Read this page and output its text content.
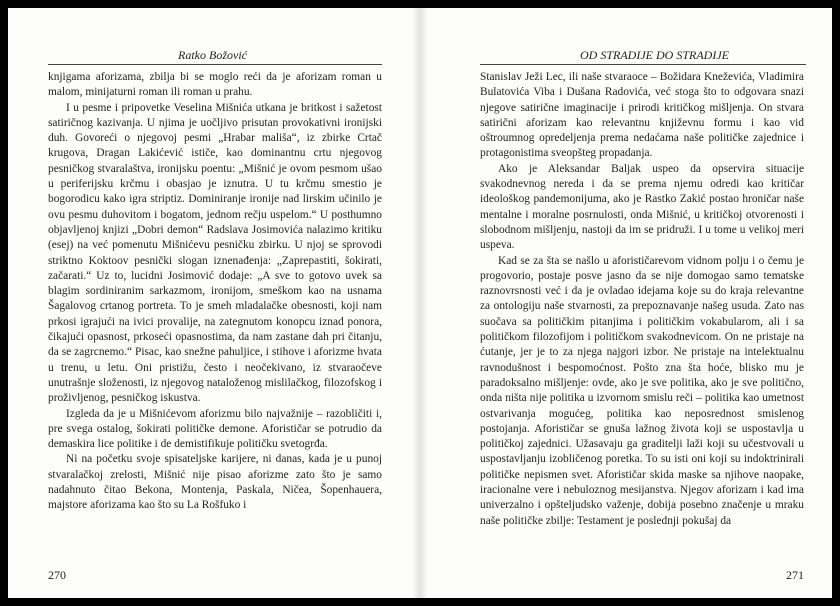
Ratko Božović

knjigama aforizama, zbilja bi se moglo reći da je aforizam roman u malom, minijaturni roman ili roman u prahu.

I u pesme i pripovetke Veselina Mišnića utkana je britkost i sažetost satiričnog kazivanja. U njima je uočljivo prisutan provokativni ironijski duh. Govoreći o njegovoj pesmi „Hrabar mališa“, iz zbirke Crtač krugova, Dragan Lakićević ističe, kao dominantnu crtu njegovog pesničkog stvaralaštva, ironijsku poentu: „Mišnić je ovom pesmom ušao u periferijsku krčmu i obasjao je iznutra. U tu krčmu smestio je bogorodicu kako igra striptiz. Dominiranje ironije nad lirskim učinilo je ovu pesmu duhovitom i bogatom, jednom rečju uspelom.“ U posthumno objavljenoj knjizi „Dobri demon“ Radslava Josimovića nalazimo kritiku (esej) na već pomenutu Mišnićevu pesničku zbirku. U njoj se sprovodi striktno Koktoov pesnički slogan iznenađenja: „Zaprepastiti, šokirati, začarati.“ Uz to, lucidni Josimović dodaje: „A sve to gotovo uvek sa blagim sordiniranim sarkazmom, ironijom, smeškom kao na usnama Šagalovog crtanog portreta. To je smeh mladalačke obesnosti, koji nam prkosi igrajući na ivici provalije, na zategnutom konopcu iznad ponora, čikajući opasnost, prkoseći opasnostima, da nam zastane dah pri čitanju, da se zagrcnemo.“ Pisac, kao snežne pahuljice, i stihove i aforizme hvata u trenu, u letu. Oni pristižu, često i neočekivano, iz stvaraočeve unutrašnje složenosti, iz njegovog nataloženog mislilačkog, filozofskog i proživljenog, pesničkog iskustva.

Izgleda da je u Mišnićevom aforizmu bilo najvažnije – razobličiti i, pre svega ostalog, šokirati političke demone. Aforističar se potrudio da demaskira lice politike i de demistifikuje političku svetogrđa.

Ni na početku svoje spisateljske karijere, ni danas, kada je u punoj stvaralačkoj zrelosti, Mišnić nije pisao aforizme zato što je samo nadahnuto čitao Bekona, Montenja, Paskala, Ničea, Šopenhauera, majstore aforizama kao što su La Rošfuko i

270
OD STRADIJE DO STRADIJE

Stanislav Ježi Lec, ili naše stvaraoce – Božidara Kneževića, Vladimira Bulatovića Viba i Dušana Radovića, već stoga što to odgovara snazi njegove satirične imaginacije i prirodi kritičkog mišljenja. On stvara satirični aforizam kao relevantnu književnu formu i kao vid oštroumnog opredeljenja prema nedaćama naše političke zajednice i protagonistima sveopšteg propadanja.

Ako je Aleksandar Baljak uspeo da opservira situacije svakodnevnog nereda i da se prema njemu odredi kao kritičar ideološkog pandemonijuma, ako je Rastko Zakić postao hroničar naše mentalne i moralne posrnulosti, onda Mišnić, u kritičkoj otvorenosti i slobodnom mišljenju, nastoji da im se pridruži. I u tome u velikoj meri uspeva.

Kad se za šta se našlo u aforističarevom vidnom polju i o čemu je progovorio, postaje posve jasno da se nije domogao samo tematske raznovrsnosti već i da je ovladao idejama koje su do kraja relevantne za ontologiju naše stvarnosti, za prepoznavanje našeg usuda. Zato nas suočava sa političkim pitanjima i političkim vokabularom, ali i sa političkom filozofijom i političkom svakodnevicom. On ne pristaje na ćutanje, jer je to za njega najgori izbor. Ne pristaje na intelektualnu ravnodušnost i bespomoćnost. Pošto zna šta hoće, blisko mu je paradoksalno mišljenje: ovde, ako je sve politika, ako je sve politično, onda ništa nije politika u izvornom smislu reči – politika kao umetnost ostvarivanja mogućeg, politika kao neposrednost smislenog postojanja. Aforističar se gnuša lažnog života koji se uspostavlja u političkoj zajednici. Užasavaju ga graditelji laži koji su učestvovali u uspostavljanju izobličenog poretka. To su isti oni koji su indoktrinirali političke nepismen svet. Aforističar skida maske sa njihove naopake, iracionalne vere i nebuloznog mesijanstva. Njegov aforizam i kad ima univerzalno i opšteljudsko važenje, dobija posebno značenje u mraku naše političke zbilje: Testament je poslednji pokušaj da

271
